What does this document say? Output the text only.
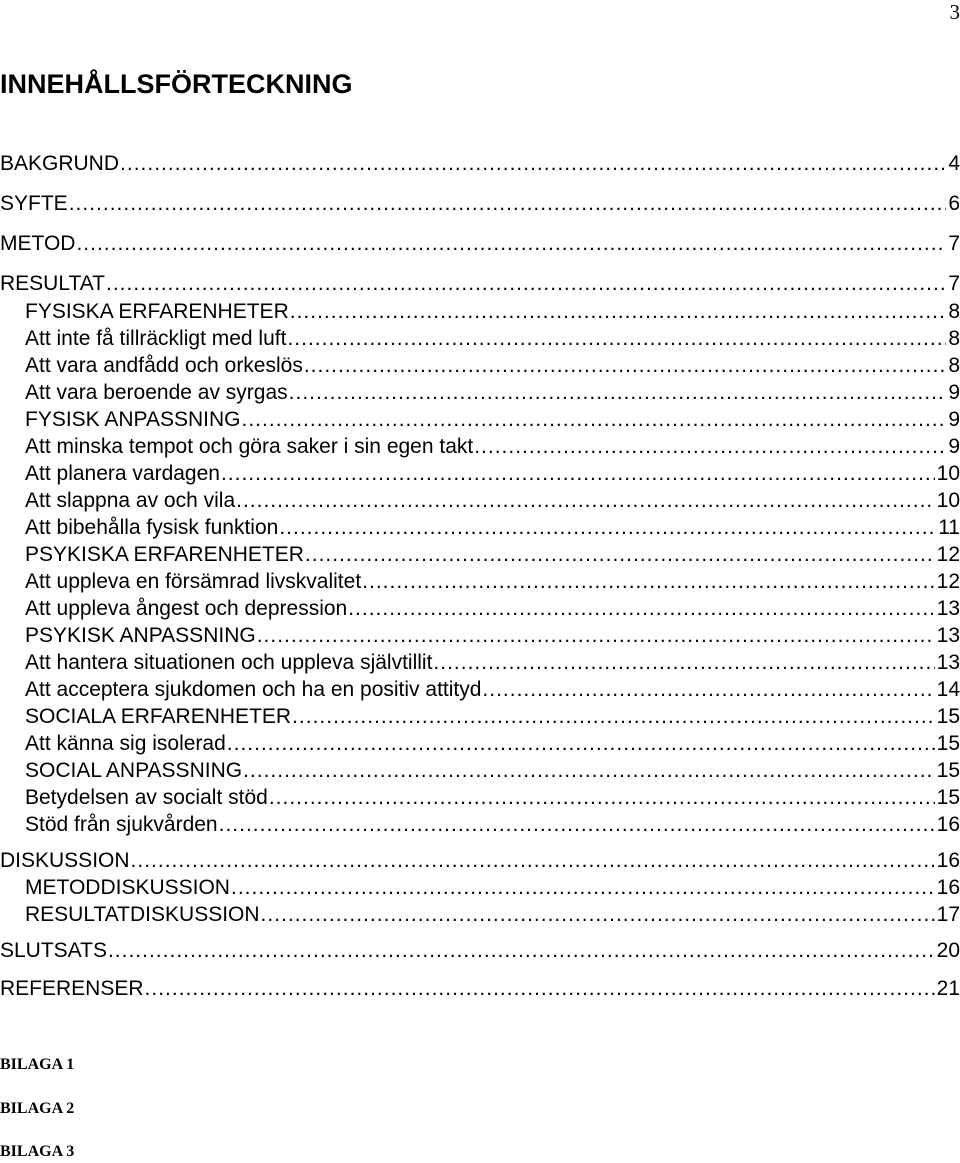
3
INNEHÅLLSFÖRTECKNING
BAKGRUND .....	4
SYFTE .....	6
METOD .....	7
RESULTAT .....	7
FYSISKA ERFARENHETER .....	8
Att inte få tillräckligt med luft .....	8
Att vara andfådd och orkeslös .....	8
Att vara beroende av syrgas .....	9
FYSISK ANPASSNING .....	9
Att minska tempot och göra saker i sin egen takt .....	9
Att planera vardagen .....	10
Att slappna av och vila .....	10
Att bibehålla fysisk funktion .....	11
PSYKISKA ERFARENHETER .....	12
Att uppleva en försämrad livskvalitet .....	12
Att uppleva ångest och depression .....	13
PSYKISK ANPASSNING .....	13
Att hantera situationen och uppleva självtillit .....	13
Att acceptera sjukdomen och ha en positiv attityd .....	14
SOCIALA ERFARENHETER .....	15
Att känna sig isolerad .....	15
SOCIAL ANPASSNING .....	15
Betydelsen av socialt stöd .....	15
Stöd från sjukvården .....	16
DISKUSSION .....	16
METODDISKUSSION .....	16
RESULTATDISKUSSION .....	17
SLUTSATS .....	20
REFERENSER .....	21
BILAGA 1
BILAGA 2
BILAGA 3
